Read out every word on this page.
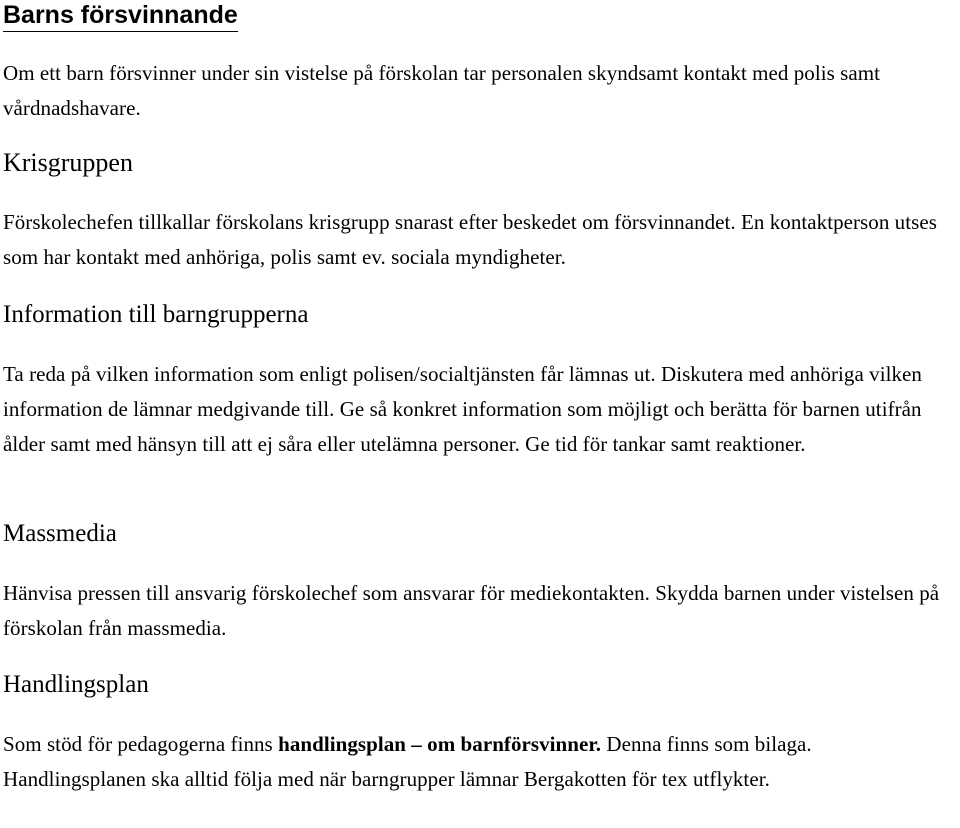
Barns försvinnande

Om ett barn försvinner under sin vistelse på förskolan tar personalen skyndsamt kontakt med polis samt vårdnadshavare.

Krisgruppen

Förskolechefen tillkallar förskolans krisgrupp snarast efter beskedet om försvinnandet. En kontaktperson utses som har kontakt med anhöriga, polis samt ev. sociala myndigheter.

Information till barngrupperna

Ta reda på vilken information som enligt polisen/socialtjänsten får lämnas ut. Diskutera med anhöriga vilken information de lämnar medgivande till. Ge så konkret information som möjligt och berätta för barnen utifrån ålder samt med hänsyn till att ej såra eller utelämna personer. Ge tid för tankar samt reaktioner.

Massmedia

Hänvisa pressen till ansvarig förskolechef som ansvarar för mediekontakten. Skydda barnen under vistelsen på förskolan från massmedia.

Handlingsplan

Som stöd för pedagogerna finns handlingsplan – om barnförsvinner. Denna finns som bilaga. Handlingsplanen ska alltid följa med när barngrupper lämnar Bergakotten för tex utflykter.
